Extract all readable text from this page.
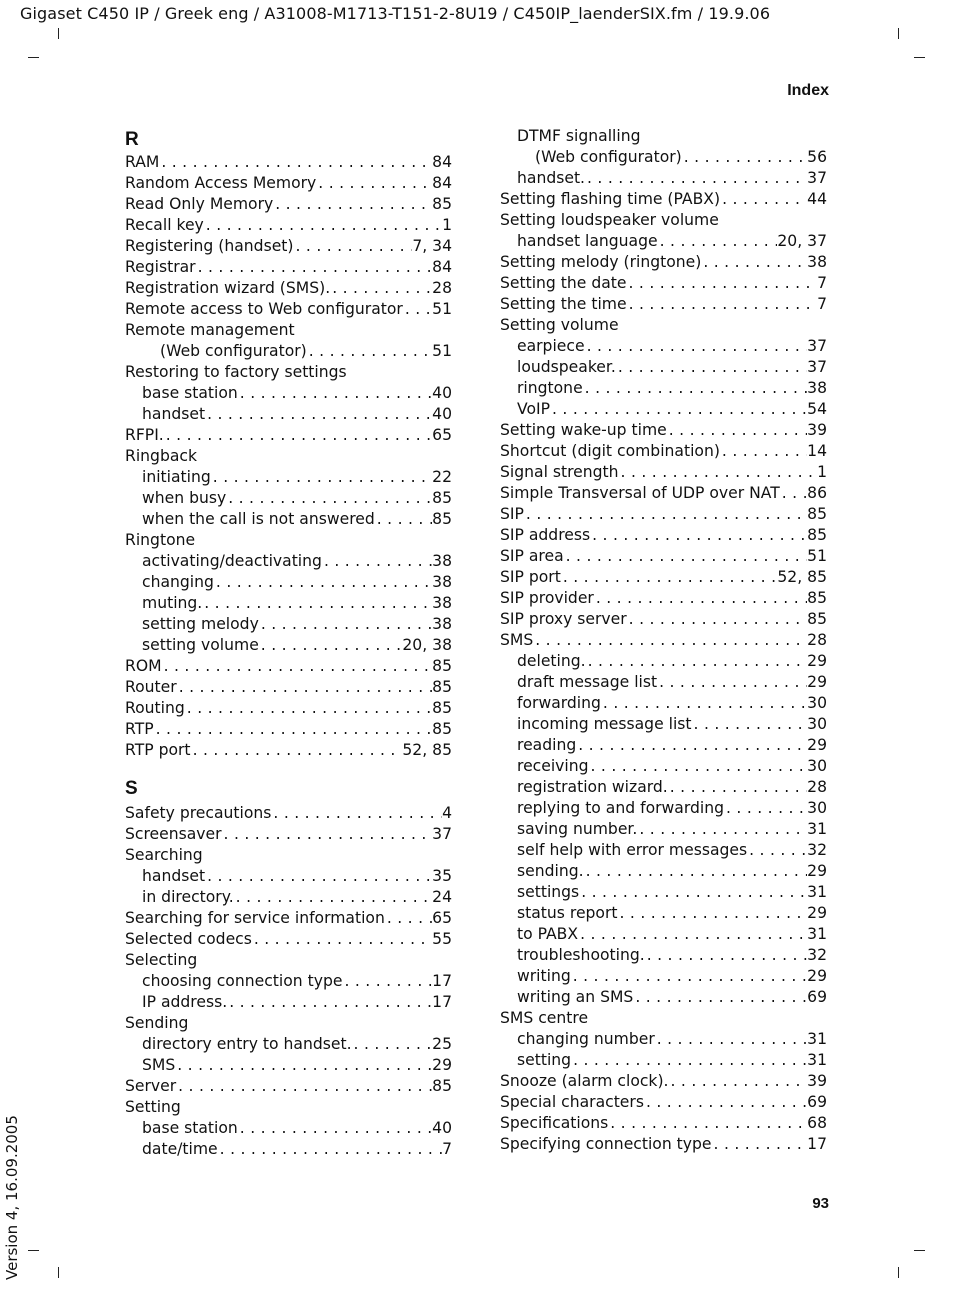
Gigaset C450 IP / Greek eng / A31008-M1713-T151-2-8U19 / C450IP_laenderSIX.fm / 19.9.06
Index
R
RAM . . .	84
Random Access Memory . . .	84
Read Only Memory . . .	85
Recall key . . .	1
Registering (handset) . . .	7, 34
Registrar . . .	84
Registration wizard (SMS). . . .	28
Remote access to Web configurator . . . 51
Remote management
(Web configurator) . . .	51
Restoring to factory settings
base station . . .	40
handset . . .	40
RFPI. . . .	65
Ringback
initiating . . .	22
when busy . . .	85
when the call is not answered . . .	85
Ringtone
activating/deactivating . . .	38
changing . . .	38
muting. . . .	38
setting melody . . .	38
setting volume . . .	20, 38
ROM . . .	85
Router . . .	85
Routing . . .	85
RTP . . .	85
RTP port . . .	52, 85
S
Safety precautions . . .	4
Screensaver . . .	37
Searching
handset . . .	35
in directory. . . .	24
Searching for service information . . .	65
Selected codecs . . .	55
Selecting
choosing connection type . . .	17
IP address. . . .	17
Sending
directory entry to handset. . . .	25
SMS . . .	29
Server . . .	85
Setting
base station . . .	40
date/time . . .	7
DTMF signalling
(Web configurator) . . .	56
handset. . . .	37
Setting flashing time (PABX) . . .	44
Setting loudspeaker volume
handset language . . .	20, 37
Setting melody (ringtone) . . .	38
Setting the date . . .	7
Setting the time . . .	7
Setting volume
earpiece . . .	37
loudspeaker. . . .	37
ringtone . . .	38
VoIP . . .	54
Setting wake-up time . . .	39
Shortcut (digit combination) . . .	14
Signal strength . . .	1
Simple Transversal of UDP over NAT . . . 86
SIP . . .	85
SIP address . . .	85
SIP area . . .	51
SIP port . . .	52, 85
SIP provider . . .	85
SIP proxy server . . .	85
SMS . . .	28
deleting. . . .	29
draft message list . . .	29
forwarding . . .	30
incoming message list . . .	30
reading . . .	29
receiving . . .	30
registration wizard. . . .	28
replying to and forwarding . . .	30
saving number. . . .	31
self help with error messages . . .	32
sending. . . .	29
settings . . .	31
status report . . .	29
to PABX . . .	31
troubleshooting. . . .	32
writing . . .	29
writing an SMS . . .	69
SMS centre
changing number . . .	31
setting . . .	31
Snooze (alarm clock). . . .	39
Special characters . . .	69
Specifications . . .	68
Specifying connection type . . .	17
93
Version 4, 16.09.2005
